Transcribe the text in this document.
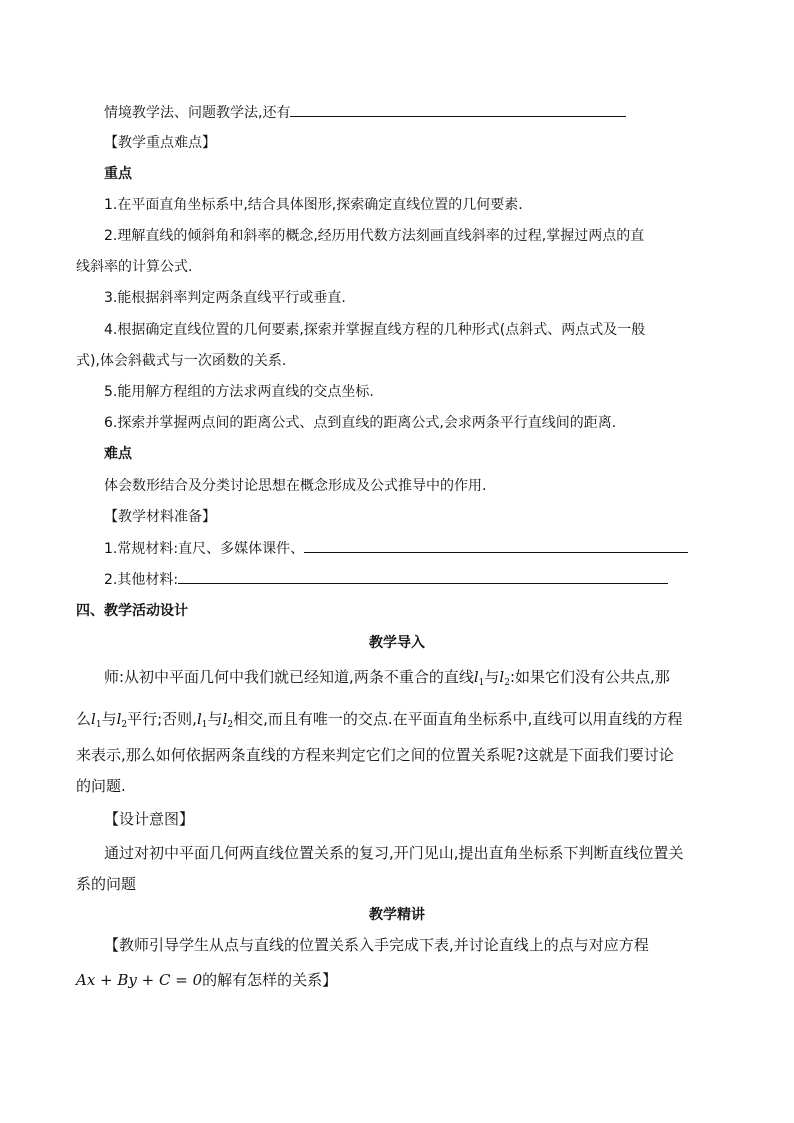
情境教学法、问题教学法,还有
【教学重点难点】
重点
1.在平面直角坐标系中,结合具体图形,探索确定直线位置的几何要素.
2.理解直线的倾斜角和斜率的概念,经历用代数方法刻画直线斜率的过程,掌握过两点的直
线斜率的计算公式.
3.能根据斜率判定两条直线平行或垂直.
4.根据确定直线位置的几何要素,探索并掌握直线方程的几种形式(点斜式、两点式及一般
式),体会斜截式与一次函数的关系.
5.能用解方程组的方法求两直线的交点坐标.
6.探索并掌握两点间的距离公式、点到直线的距离公式,会求两条平行直线间的距离.
难点
体会数形结合及分类讨论思想在概念形成及公式推导中的作用.
【教学材料准备】
1.常规材料:直尺、多媒体课件、
2.其他材料:
四、教学活动设计
教学导入
师:从初中平面几何中我们就已经知道,两条不重合的直线$l_1$与$l_2$:如果它们没有公共点,那
么$l_1$与$l_2$平行;否则$,l_1$与$l_2$相交,而且有唯一的交点.在平面直角坐标系中,直线可以用直线的方程
来表示,那么如何依据两条直线的方程来判定它们之间的位置关系呢?这就是下面我们要讨论
的问题.
【设计意图】
通过对初中平面几何两直线位置关系的复习,开门见山,提出直角坐标系下判断直线位置关
系的问题
教学精讲
【教师引导学生从点与直线的位置关系入手完成下表,并讨论直线上的点与对应方程
Ax + By + C = 0的解有怎样的关系】
